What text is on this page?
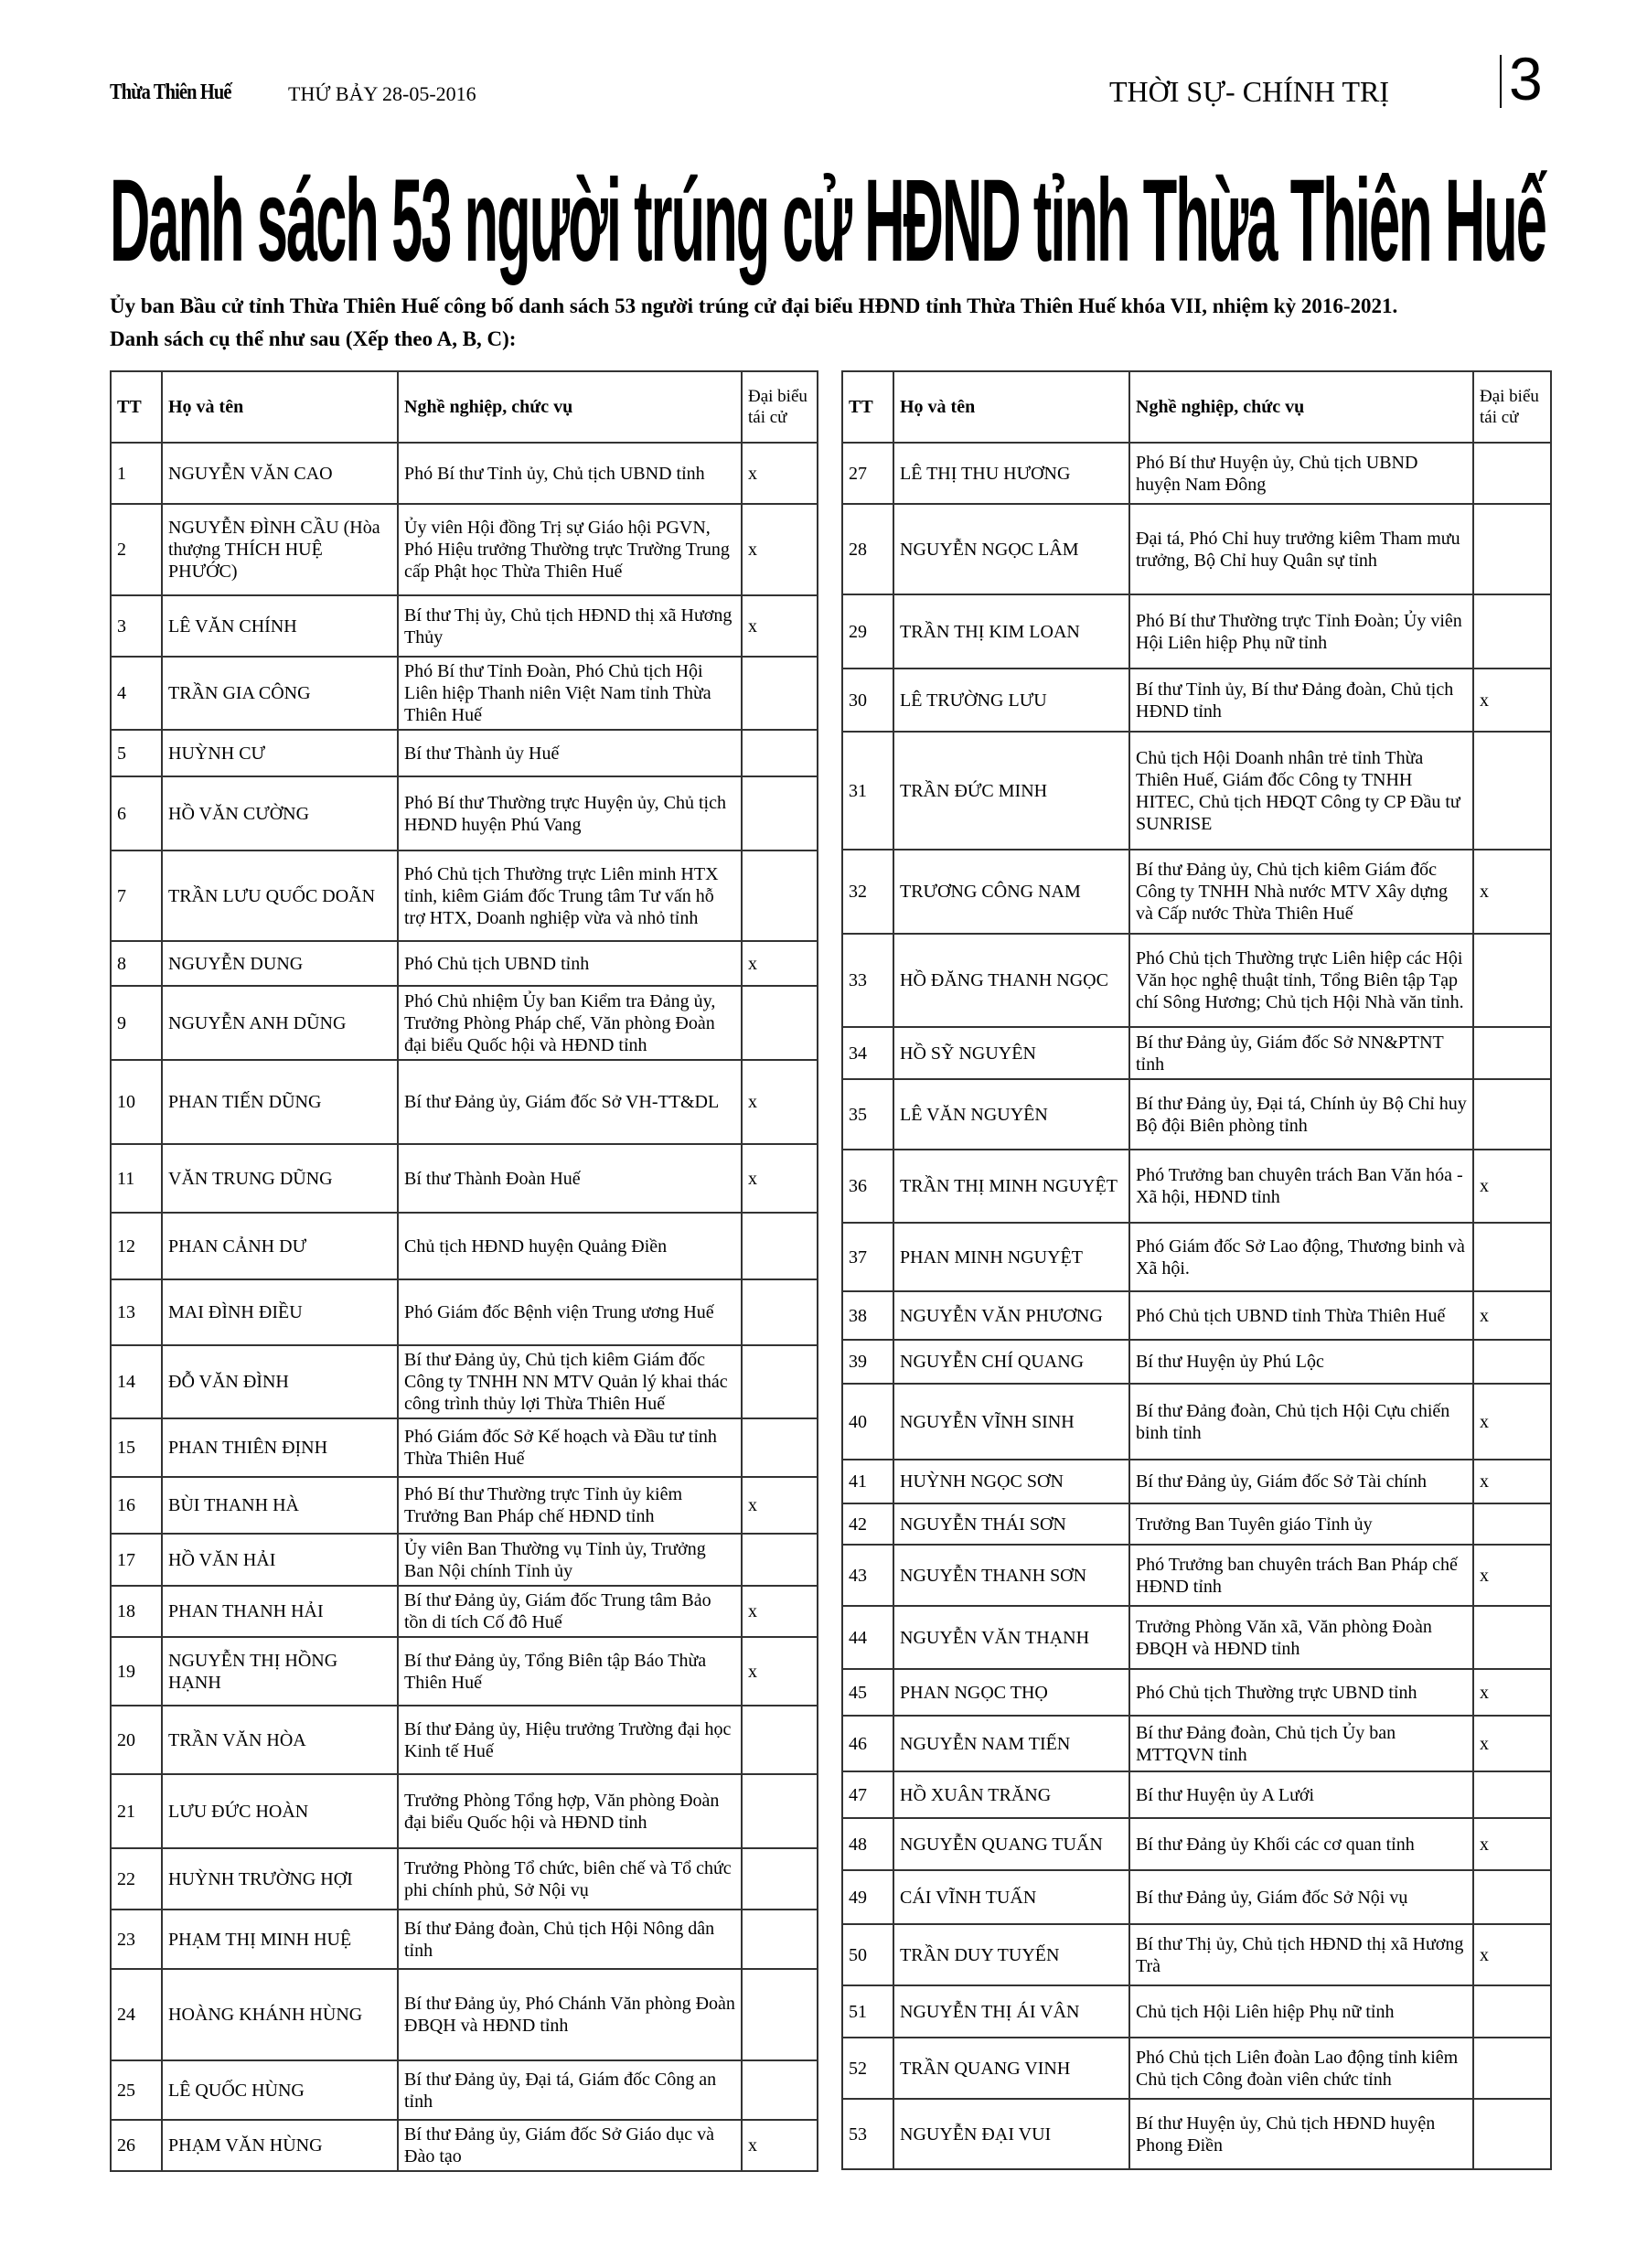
Thừa Thiên Huế	THỨ BẢY 28-05-2016	THỜI SỰ- CHÍNH TRỊ 3
Danh sách 53 người trúng cử HĐND tỉnh Thừa Thiên Huế
Ủy ban Bầu cử tỉnh Thừa Thiên Huế công bố danh sách 53 người trúng cử đại biểu HĐND tỉnh Thừa Thiên Huế khóa VII, nhiệm kỳ 2016-2021.
Danh sách cụ thể như sau (Xếp theo A, B, C):
TT	Họ và tên	Nghề nghiệp, chức vụ	Đại biểu tái cử
1	NGUYỄN VĂN CAO	Phó Bí thư Tỉnh ủy, Chủ tịch UBND tỉnh	x
2	NGUYỄN ĐÌNH CẦU (Hòa thượng THÍCH HUỆ PHƯỚC)	Ủy viên Hội đồng Trị sự Giáo hội PGVN, Phó Hiệu trưởng Thường trực Trường Trung cấp Phật học Thừa Thiên Huế	x
3	LÊ VĂN CHÍNH	Bí thư Thị ủy, Chủ tịch HĐND thị xã Hương Thủy	x
4	TRẦN GIA CÔNG	Phó Bí thư Tỉnh Đoàn, Phó Chủ tịch Hội Liên hiệp Thanh niên Việt Nam tỉnh Thừa Thiên Huế	
5	HUỲNH CƯ	Bí thư Thành ủy Huế	
6	HỒ VĂN CƯỜNG	Phó Bí thư Thường trực Huyện ủy, Chủ tịch HĐND huyện Phú Vang	
7	TRẦN LƯU QUỐC DOÃN	Phó Chủ tịch Thường trực Liên minh HTX tỉnh, kiêm Giám đốc Trung tâm Tư vấn hỗ trợ HTX, Doanh nghiệp vừa và nhỏ tỉnh	
8	NGUYỄN DUNG	Phó Chủ tịch UBND tỉnh	x
9	NGUYỄN ANH DŨNG	Phó Chủ nhiệm Ủy ban Kiểm tra Đảng ủy, Trưởng Phòng Pháp chế, Văn phòng Đoàn đại biểu Quốc hội và HĐND tỉnh	
10	PHAN TIẾN DŨNG	Bí thư Đảng ủy, Giám đốc Sở VH-TT&DL	x
11	VĂN TRUNG DŨNG	Bí thư Thành Đoàn Huế	x
12	PHAN CẢNH DƯ	Chủ tịch HĐND huyện Quảng Điền	
13	MAI ĐÌNH ĐIỀU	Phó Giám đốc Bệnh viện Trung ương Huế	
14	ĐỖ VĂN ĐÌNH	Bí thư Đảng ủy, Chủ tịch kiêm Giám đốc Công ty TNHH NN MTV Quản lý khai thác công trình thủy lợi Thừa Thiên Huế	
15	PHAN THIÊN ĐỊNH	Phó Giám đốc Sở Kế hoạch và Đầu tư tỉnh Thừa Thiên Huế	
16	BÙI THANH HÀ	Phó Bí thư Thường trực Tỉnh ủy kiêm Trưởng Ban Pháp chế HĐND tỉnh	x
17	HỒ VĂN HẢI	Ủy viên Ban Thường vụ Tỉnh ủy, Trưởng Ban Nội chính Tỉnh ủy	
18	PHAN THANH HẢI	Bí thư Đảng ủy, Giám đốc Trung tâm Bảo tồn di tích Cố đô Huế	x
19	NGUYỄN THỊ HỒNG HẠNH	Bí thư Đảng ủy, Tổng Biên tập Báo Thừa Thiên Huế	x
20	TRẦN VĂN HÒA	Bí thư Đảng ủy, Hiệu trưởng Trường đại học Kinh tế Huế	
21	LƯU ĐỨC HOÀN	Trưởng Phòng Tổng hợp, Văn phòng Đoàn đại biểu Quốc hội và HĐND tỉnh	
22	HUỲNH TRƯỜNG HỢI	Trưởng Phòng Tổ chức, biên chế và Tổ chức phi chính phủ, Sở Nội vụ	
23	PHẠM THỊ MINH HUỆ	Bí thư Đảng đoàn, Chủ tịch Hội Nông dân tỉnh	
24	HOÀNG KHÁNH HÙNG	Bí thư Đảng ủy, Phó Chánh Văn phòng Đoàn ĐBQH và HĐND tỉnh	
25	LÊ QUỐC HÙNG	Bí thư Đảng ủy, Đại tá, Giám đốc Công an tỉnh	
26	PHẠM VĂN HÙNG	Bí thư Đảng ủy, Giám đốc Sở Giáo dục và Đào tạo	x
TT	Họ và tên	Nghề nghiệp, chức vụ	Đại biểu tái cử
27	LÊ THỊ THU HƯƠNG	Phó Bí thư Huyện ủy, Chủ tịch UBND huyện Nam Đông	
28	NGUYỄN NGỌC LÂM	Đại tá, Phó Chỉ huy trưởng kiêm Tham mưu trưởng, Bộ Chỉ huy Quân sự tỉnh	
29	TRẦN THỊ KIM LOAN	Phó Bí thư Thường trực Tỉnh Đoàn; Ủy viên Hội Liên hiệp Phụ nữ tỉnh	
30	LÊ TRƯỜNG LƯU	Bí thư Tỉnh ủy, Bí thư Đảng đoàn, Chủ tịch HĐND tỉnh	x
31	TRẦN ĐỨC MINH	Chủ tịch Hội Doanh nhân trẻ tỉnh Thừa Thiên Huế, Giám đốc Công ty TNHH HITEC, Chủ tịch HĐQT Công ty CP Đầu tư SUNRISE	
32	TRƯƠNG CÔNG NAM	Bí thư Đảng ủy, Chủ tịch kiêm Giám đốc Công ty TNHH Nhà nước MTV Xây dựng và Cấp nước Thừa Thiên Huế	x
33	HỒ ĐĂNG THANH NGỌC	Phó Chủ tịch Thường trực Liên hiệp các Hội Văn học nghệ thuật tỉnh, Tổng Biên tập Tạp chí Sông Hương; Chủ tịch Hội Nhà văn tỉnh.	
34	HỒ SỸ NGUYÊN	Bí thư Đảng ủy, Giám đốc Sở NN&PTNT tỉnh	
35	LÊ VĂN NGUYÊN	Bí thư Đảng ủy, Đại tá, Chính ủy Bộ Chỉ huy Bộ đội Biên phòng tỉnh	
36	TRẦN THỊ MINH NGUYỆT	Phó Trưởng ban chuyên trách Ban Văn hóa - Xã hội, HĐND tỉnh	x
37	PHAN MINH NGUYỆT	Phó Giám đốc Sở Lao động, Thương binh và Xã hội.	
38	NGUYỄN VĂN PHƯƠNG	Phó Chủ tịch UBND tỉnh Thừa Thiên Huế	x
39	NGUYỄN CHÍ QUANG	Bí thư Huyện ủy Phú Lộc	
40	NGUYỄN VĨNH SINH	Bí thư Đảng đoàn, Chủ tịch Hội Cựu chiến binh tỉnh	x
41	HUỲNH NGỌC SƠN	Bí thư Đảng ủy, Giám đốc Sở Tài chính	x
42	NGUYỄN THÁI SƠN	Trưởng Ban Tuyên giáo Tỉnh ủy	
43	NGUYỄN THANH SƠN	Phó Trưởng ban chuyên trách Ban Pháp chế HĐND tỉnh	x
44	NGUYỄN VĂN THẠNH	Trưởng Phòng Văn xã, Văn phòng Đoàn ĐBQH và HĐND tỉnh	
45	PHAN NGỌC THỌ	Phó Chủ tịch Thường trực UBND tỉnh	x
46	NGUYỄN NAM TIẾN	Bí thư Đảng đoàn, Chủ tịch Ủy ban MTTQVN tỉnh	x
47	HỒ XUÂN TRĂNG	Bí thư Huyện ủy A Lưới	
48	NGUYỄN QUANG TUẤN	Bí thư Đảng ủy Khối các cơ quan tỉnh	x
49	CÁI VĨNH TUẤN	Bí thư Đảng ủy, Giám đốc Sở Nội vụ	
50	TRẦN DUY TUYẾN	Bí thư Thị ủy, Chủ tịch HĐND thị xã Hương Trà	x
51	NGUYỄN THỊ ÁI VÂN	Chủ tịch Hội Liên hiệp Phụ nữ tỉnh	
52	TRẦN QUANG VINH	Phó Chủ tịch Liên đoàn Lao động tỉnh kiêm Chủ tịch Công đoàn viên chức tỉnh	
53	NGUYỄN ĐẠI VUI	Bí thư Huyện ủy, Chủ tịch HĐND huyện Phong Điền	
